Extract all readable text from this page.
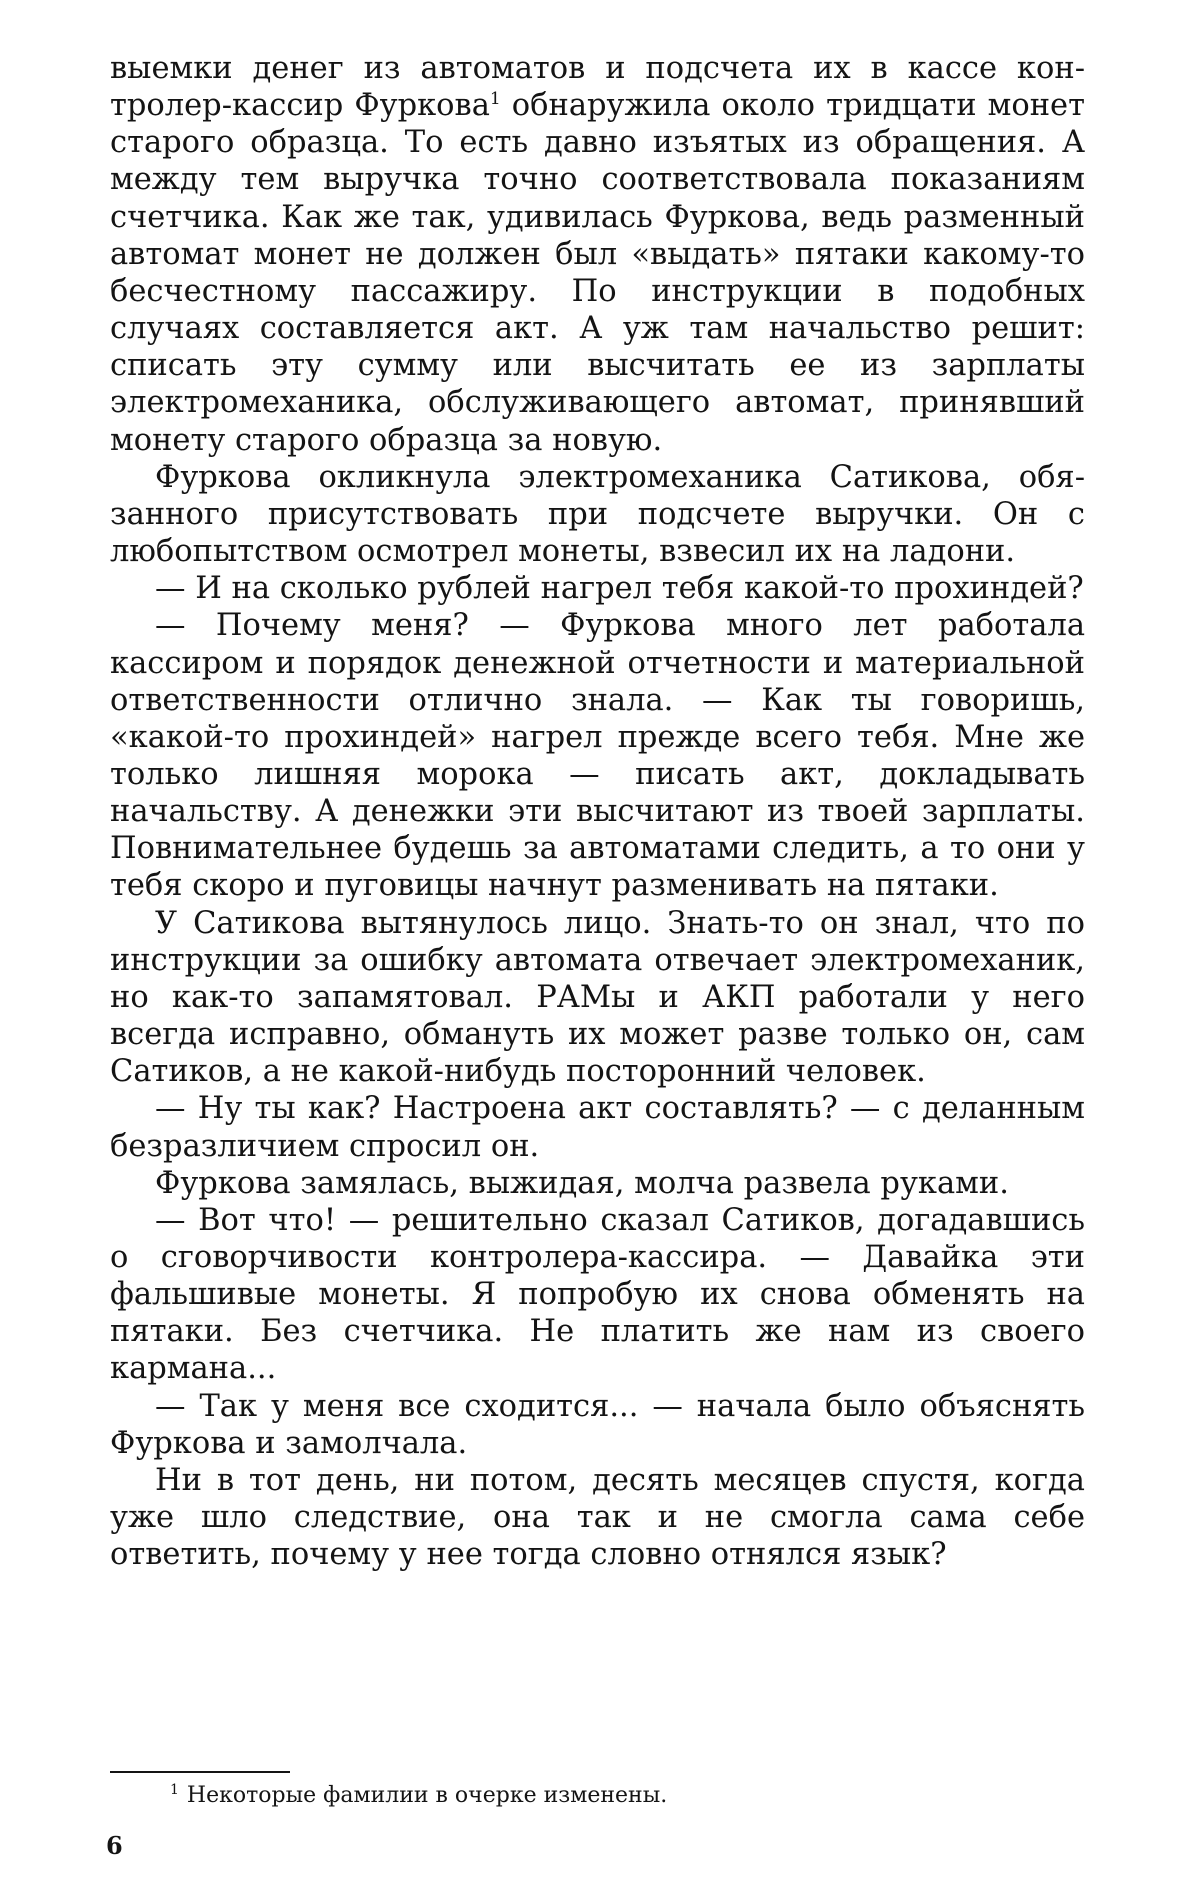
выемки денег из автоматов и подсчета их в кассе контролер-кассир Фуркова$^1$ обнаружила около тридцати монет старого образца. То есть давно изъятых из обращения. А между тем выручка точно соответствовала показаниям счетчика. Как же так, удивилась Фуркова, ведь разменный автомат монет не должен был «выдать» пятаки какому-то бесчестному пассажиру. По инструкции в подобных случаях составляется акт. А уж там начальство решит: списать эту сумму или высчитать ее из зарплаты электромеханика, обслуживающего автомат, принявший монету старого образца за новую.

Фуркова окликнула электромеханика Сатикова, обязанного присутствовать при подсчете выручки. Он с любопытством осмотрел монеты, взвесил их на ладони.

— И на сколько рублей нагрел тебя какой-то прохиндей?

— Почему меня? — Фуркова много лет работала кассиром и порядок денежной отчетности и материальной ответственности отлично знала. — Как ты говоришь, «какой-то прохиндей» нагрел прежде всего тебя. Мне же только лишняя морока — писать акт, докладывать начальству. А денежки эти высчитают из твоей зарплаты. Повнимательнее будешь за автоматами следить, а то они у тебя скоро и пуговицы начнут разменивать на пятаки.

У Сатикова вытянулось лицо. Знать-то он знал, что по инструкции за ошибку автомата отвечает электромеханик, но как-то запамятовал. РАМы и АКП работали у него всегда исправно, обмануть их может разве только он, сам Сатиков, а не какой-нибудь посторонний человек.

— Ну ты как? Настроена акт составлять? — с деланным безразличием спросил он.

Фуркова замялась, выжидая, молча развела руками.

— Вот что! — решительно сказал Сатиков, догадавшись о сговорчивости контролера-кассира. — Давайка эти фальшивые монеты. Я попробую их снова обменять на пятаки. Без счетчика. Не платить же нам из своего кармана...

— Так у меня все сходится... — начала было объяснять Фуркова и замолчала.

Ни в тот день, ни потом, десять месяцев спустя, когда уже шло следствие, она так и не смогла сама себе ответить, почему у нее тогда словно отнялся язык?

$^1$ Некоторые фамилии в очерке изменены.
6
